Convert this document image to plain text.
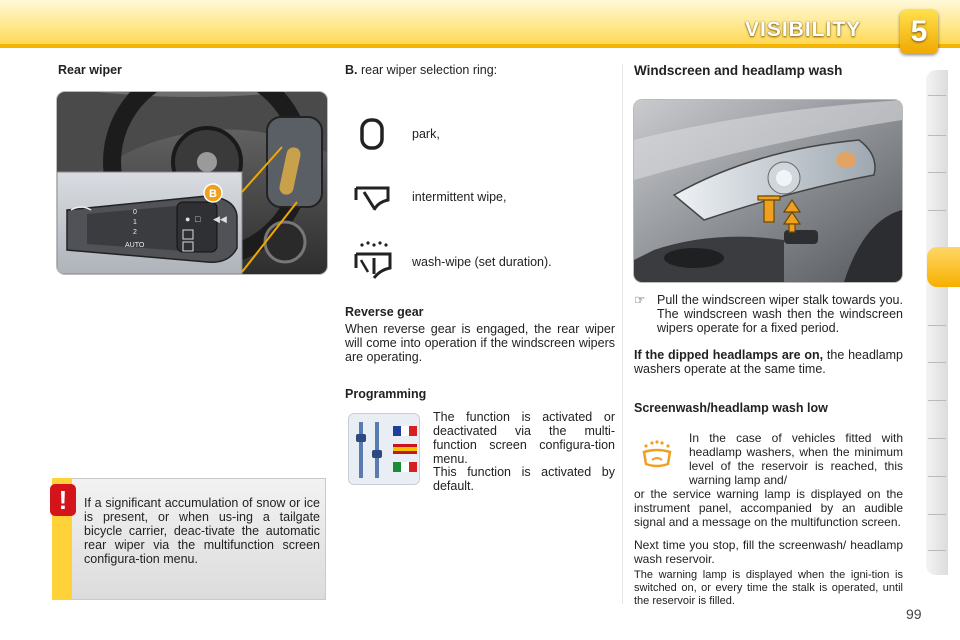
VISIBILITY	5
Rear wiper
● □ ◀◀
AUTO
0
1
2
B
!	If a significant accumulation of snow or ice is present, or when us-ing a tailgate bicycle carrier, deac-tivate the automatic rear wiper via the multifunction screen configura-tion menu.
B. rear wiper selection ring:
park,
intermittent wipe,
wash-wipe (set duration).
Reverse gear
When reverse gear is engaged, the rear wiper will come into operation if the windscreen wipers are operating.
Programming
The function is activated or deactivated via the multi-function screen configura-tion menu.
This function is activated by default.
Windscreen and headlamp wash
☞ Pull the windscreen wiper stalk towards you. The windscreen wash then the windscreen wipers operate for a fixed period.
If the dipped headlamps are on, the headlamp washers operate at the same time.
Screenwash/headlamp wash low
In the case of vehicles fitted with headlamp washers, when the minimum level of the reservoir is reached, this warning lamp and/
or the service warning lamp is displayed on the instrument panel, accompanied by an audible signal and a message on the multifunction screen.
Next time you stop, fill the screenwash/ headlamp wash reservoir.
The warning lamp is displayed when the igni-tion is switched on, or every time the stalk is operated, until the reservoir is filled.
99
